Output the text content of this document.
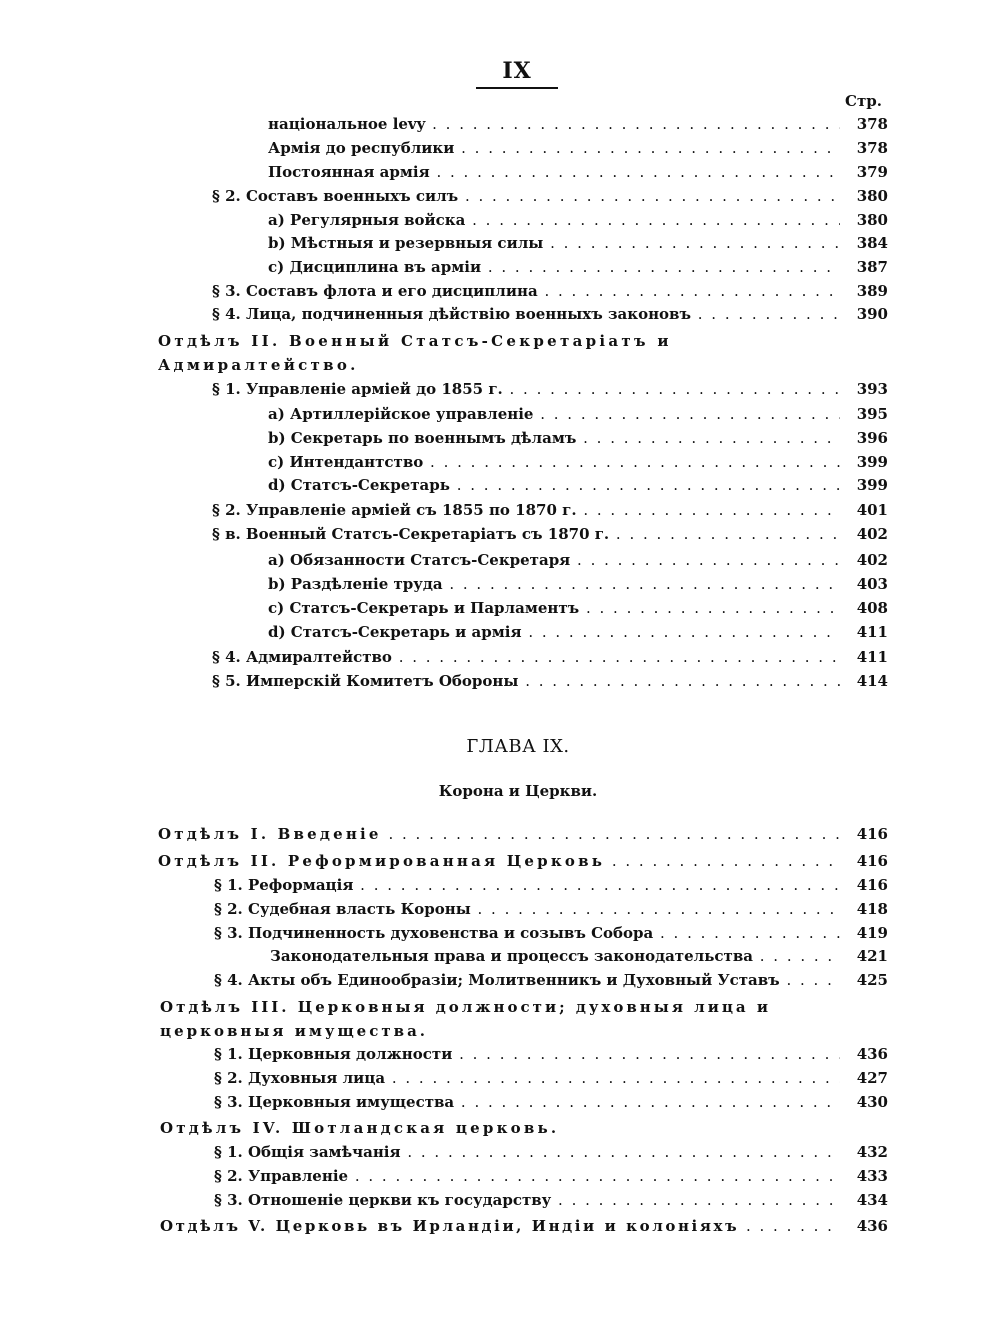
IX
Стр.
національное levy . . .	378
Армія до республики . . .	378
Постоянная армія . . .	379
§ 2. Составъ военныхъ силъ . . .	380
a) Регулярныя войска . . .	380
b) Мѣстныя и резервныя силы . . .	384
c) Дисциплина въ арміи . . .	387
§ 3. Составъ флота и его дисциплина . . .	389
§ 4. Лица, подчиненныя дѣйствію военныхъ законовъ . . .	390
Отдѣлъ II. Военный Статсъ-Секретаріатъ и Адмиралтейство.
§ 1. Управленіе арміей до 1855 г. . . .	393
a) Артиллерійское управленіе . . .	395
b) Секретарь по военнымъ дѣламъ . . .	396
c) Интендантство . . .	399
d) Статсъ-Секретарь . . .	399
§ 2. Управленіе арміей съ 1855 по 1870 г. . . .	401
§ в. Военный Статсъ-Секретаріатъ съ 1870 г. . . .	402
a) Обязанности Статсъ-Секретаря . . .	402
b) Раздѣленіе труда . . .	403
c) Статсъ-Секретарь и Парламентъ . . .	408
d) Статсъ-Секретарь и армія . . .	411
§ 4. Адмиралтейство . . .	411
§ 5. Имперскій Комитетъ Обороны . . .	414
ГЛАВА IX.
Корона и Церкви.
Отдѣлъ I. Введеніе . . .	416
Отдѣлъ II. Реформированная Церковь . . .	416
§ 1. Реформація . . .	416
§ 2. Судебная власть Короны . . .	418
§ 3. Подчиненность духовенства и созывъ Собора . . .	419
Законодательныя права и процессъ законодательства . . .	421
§ 4. Акты объ Единообразіи; Молитвенникъ и Духовный Уставъ . . .	425
Отдѣлъ III. Церковныя должности; духовныя лица и церковныя имущества.
§ 1. Церковныя должности . . .	436
§ 2. Духовныя лица . . .	427
§ 3. Церковныя имущества . . .	430
Отдѣлъ IV. Шотландская церковь.
§ 1. Общія замѣчанія . . .	432
§ 2. Управленіе . . .	433
§ 3. Отношеніе церкви къ государству . . .	434
Отдѣлъ V. Церковь въ Ирландіи, Индіи и колоніяхъ . . .	436
